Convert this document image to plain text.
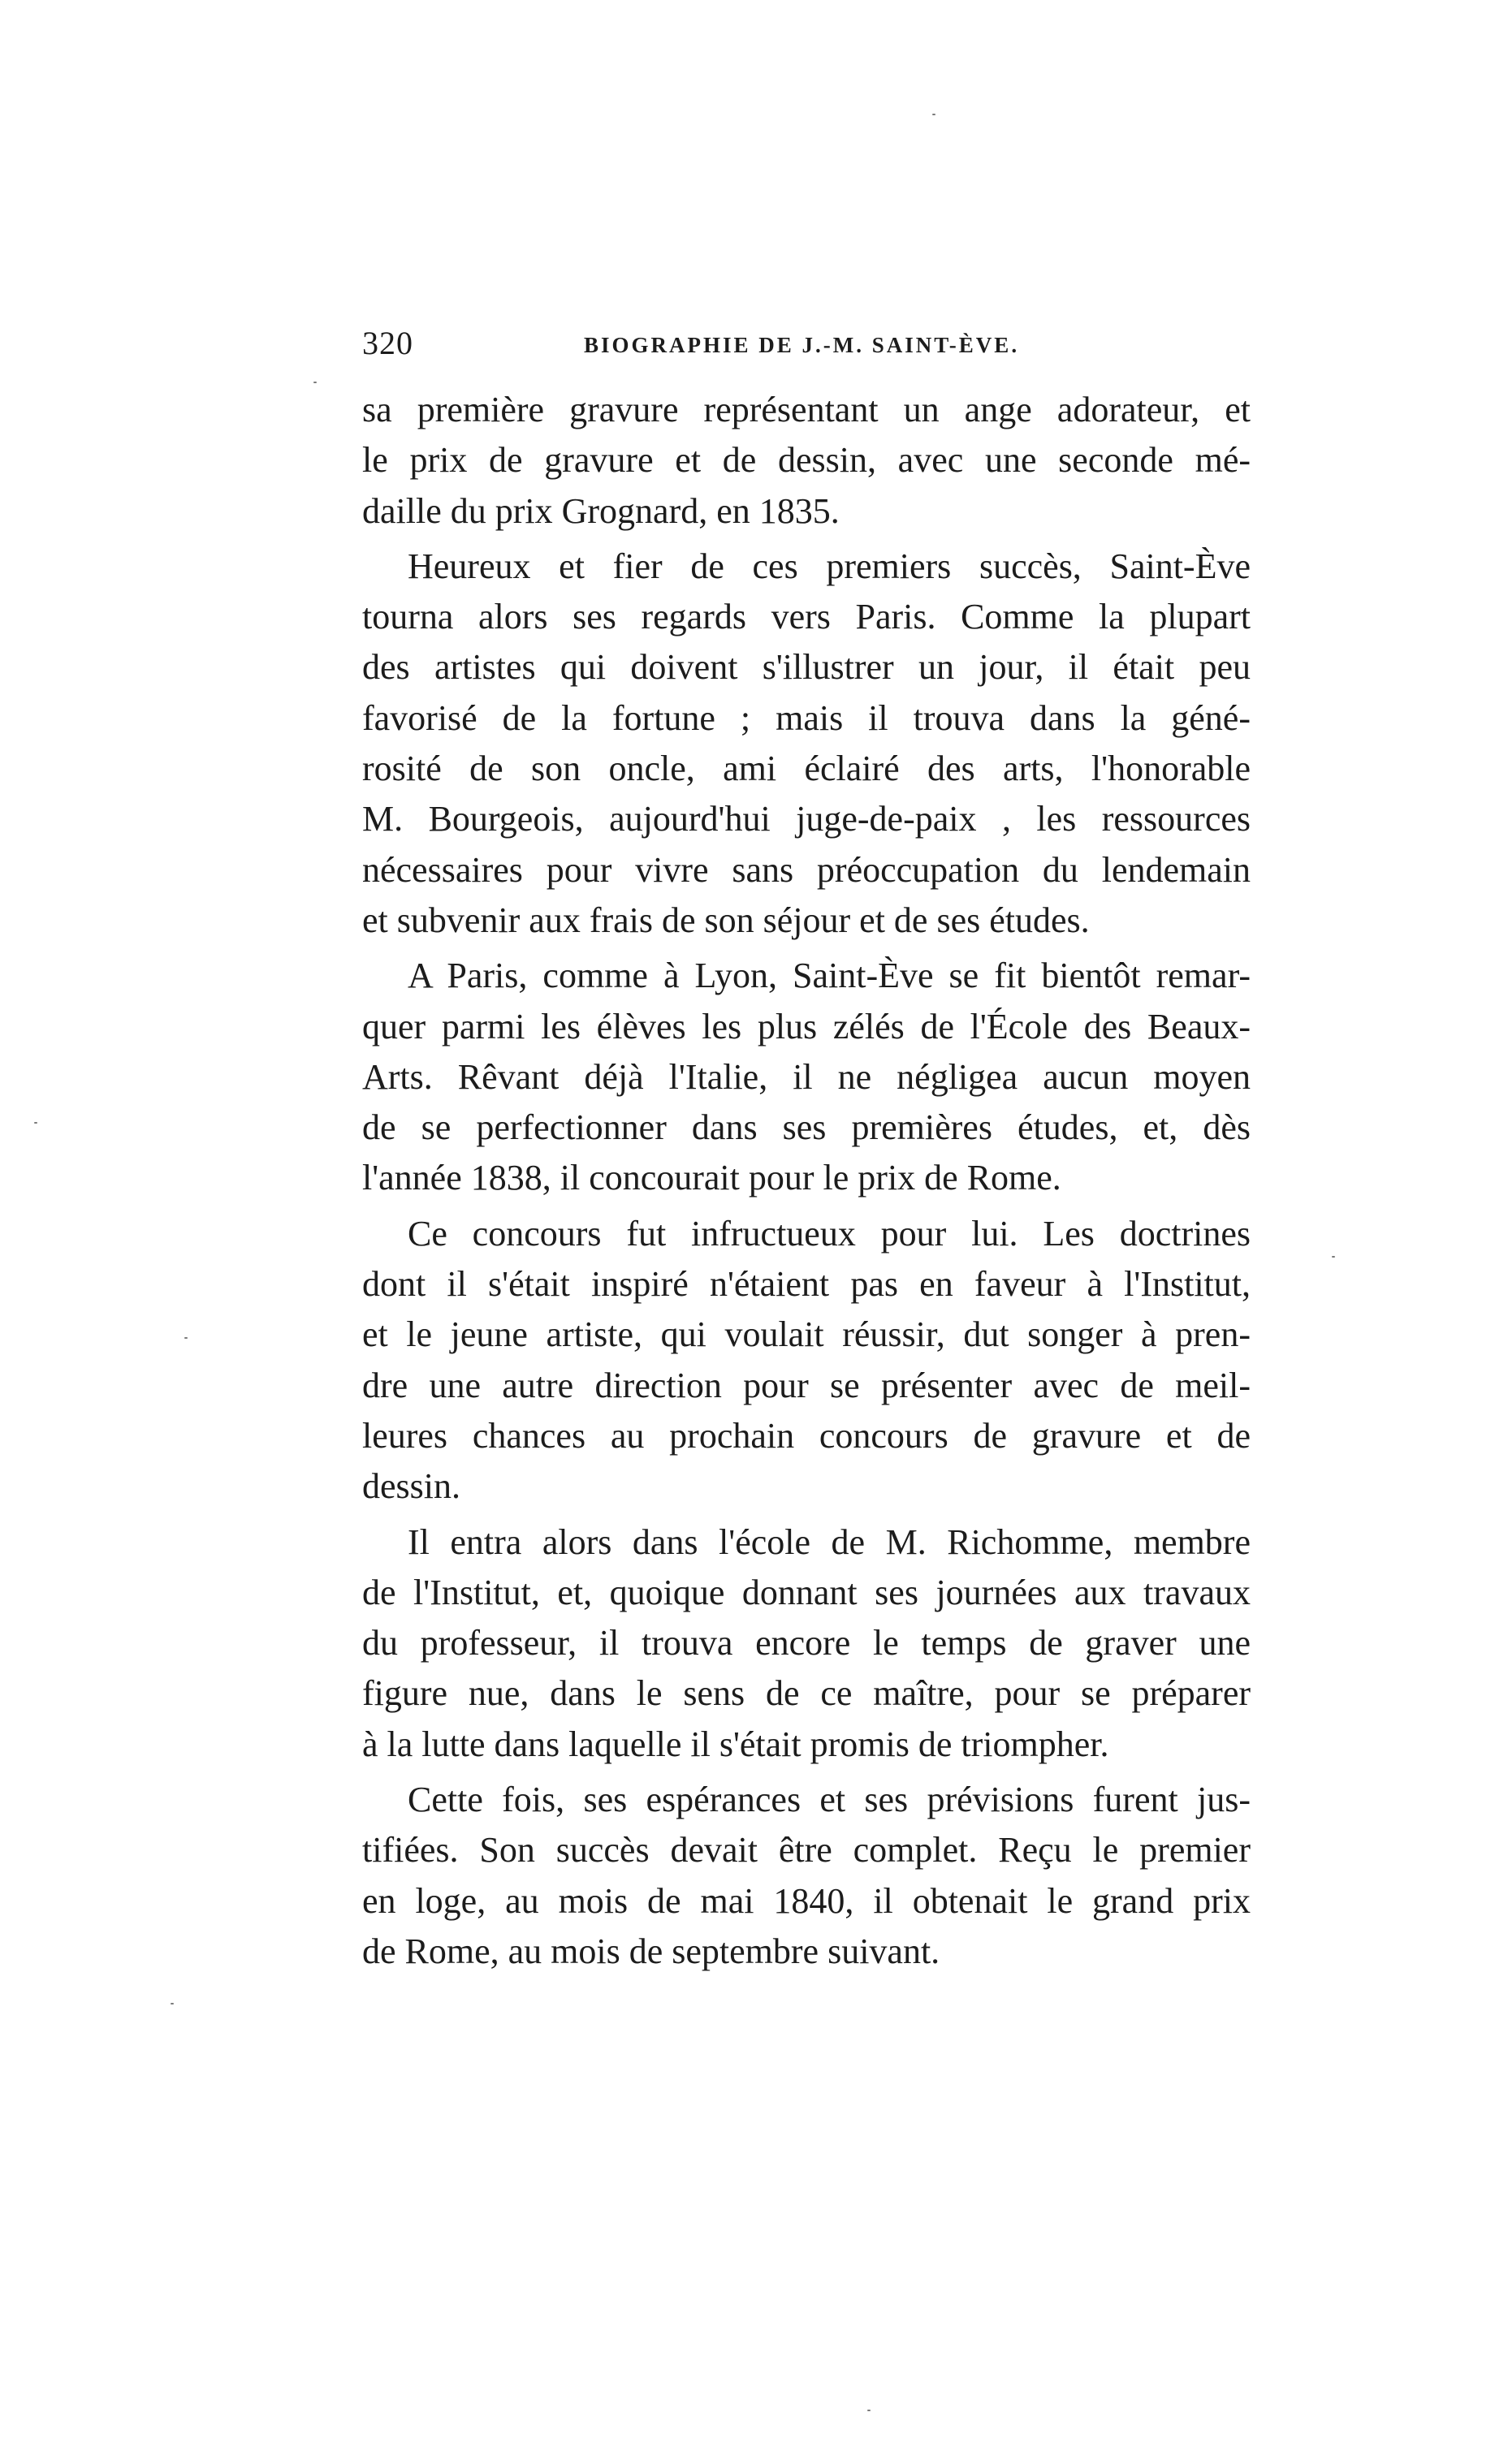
320	BIOGRAPHIE DE J.-M. SAINT-ÈVE.
sa première gravure représentant un ange adorateur, et
le prix de gravure et de dessin, avec une seconde mé-
daille du prix Grognard, en 1835.
Heureux et fier de ces premiers succès, Saint-Ève
tourna alors ses regards vers Paris. Comme la plupart
des artistes qui doivent s'illustrer un jour, il était peu
favorisé de la fortune ; mais il trouva dans la géné-
rosité de son oncle, ami éclairé des arts, l'honorable
M. Bourgeois, aujourd'hui juge-de-paix , les ressources
nécessaires pour vivre sans préoccupation du lendemain
et subvenir aux frais de son séjour et de ses études.
A Paris, comme à Lyon, Saint-Ève se fit bientôt remar-
quer parmi les élèves les plus zélés de l'École des Beaux-
Arts. Rêvant déjà l'Italie, il ne négligea aucun moyen
de se perfectionner dans ses premières études, et, dès
l'année 1838, il concourait pour le prix de Rome.
Ce concours fut infructueux pour lui. Les doctrines
dont il s'était inspiré n'étaient pas en faveur à l'Institut,
et le jeune artiste, qui voulait réussir, dut songer à pren-
dre une autre direction pour se présenter avec de meil-
leures chances au prochain concours de gravure et de
dessin.
Il entra alors dans l'école de M. Richomme, membre
de l'Institut, et, quoique donnant ses journées aux travaux
du professeur, il trouva encore le temps de graver une
figure nue, dans le sens de ce maître, pour se préparer
à la lutte dans laquelle il s'était promis de triompher.
Cette fois, ses espérances et ses prévisions furent jus-
tifiées. Son succès devait être complet. Reçu le premier
en loge, au mois de mai 1840, il obtenait le grand prix
de Rome, au mois de septembre suivant.
